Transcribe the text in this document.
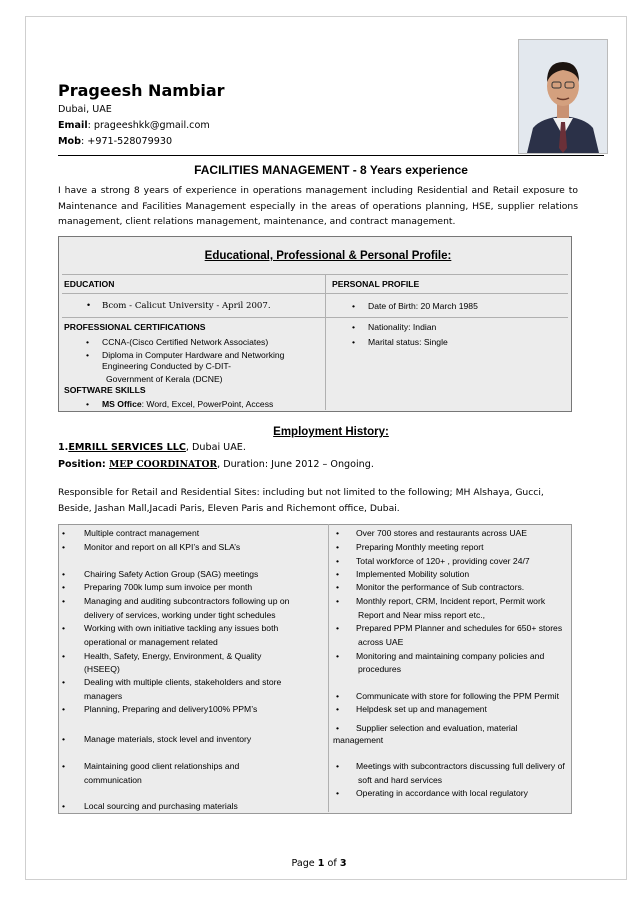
Prageesh Nambiar
Dubai, UAE
Email: prageeshkk@gmail.com
Mob: +971-528079930
FACILITIES MANAGEMENT - 8 Years experience
I have a strong 8 years of experience in operations management including Residential and Retail exposure to Maintenance and Facilities Management especially in the areas of operations planning, HSE, supplier relations management, client relations management, maintenance, and contract management.
Educational, Professional & Personal Profile:
EDUCATION	PERSONAL PROFILE
•	Bcom - Calicut University - April 2007.	•	Date of Birth: 20 March 1985
PROFESSIONAL CERTIFICATIONS	•	Nationality: Indian
•	CCNA-(Cisco Certified Network Associates)	•	Marital status: Single
•	Diploma in Computer Hardware and Networking Engineering Conducted by C-DIT-
Government of Kerala (DCNE)
SOFTWARE SKILLS
•	MS Office: Word, Excel, PowerPoint, Access
Employment History:
1.EMRILL SERVICES LLC, Dubai UAE.
Position: MEP COORDINATOR, Duration: June 2012 – Ongoing.
Responsible for Retail and Residential Sites: including but not limited to the following; MH Alshaya, Gucci, Beside, Jashan Mall,Jacadi Paris, Eleven Paris and Richemont office, Dubai.
•	Multiple contract management
•	Monitor and report on all KPI’s and SLA’s
•	Chairing Safety Action Group (SAG) meetings
•	Preparing 700k lump sum invoice per month
•	Managing and auditing subcontractors following up on
delivery of services, working under tight schedules
•	Working with own initiative tackling any issues both
operational or management related
•	Health, Safety, Energy, Environment, & Quality
(HSEEQ)
•	Dealing with multiple clients, stakeholders and store
managers
•	Planning, Preparing and delivery100% PPM’s
•	Manage materials, stock level and inventory
•	Maintaining good client relationships and
communication
•	Local sourcing and purchasing materials
•	Over 700 stores and restaurants across UAE
•	Preparing Monthly meeting report
•	Total workforce of 120+ , providing cover 24/7
•	Implemented Mobility solution
•	Monitor the performance of Sub contractors.
•	Monthly report, CRM, Incident report, Permit work
Report and Near miss report etc.,
•	Prepared PPM Planner and schedules for 650+ stores
across UAE
•	Monitoring and maintaining company policies and
procedures
•	Communicate with store for following the PPM Permit
•	Helpdesk set up and management
•	Supplier selection and evaluation, material
management
•	Meetings with subcontractors discussing full delivery of
soft and hard services
•	Operating in accordance with local regulatory
Page 1 of 3
